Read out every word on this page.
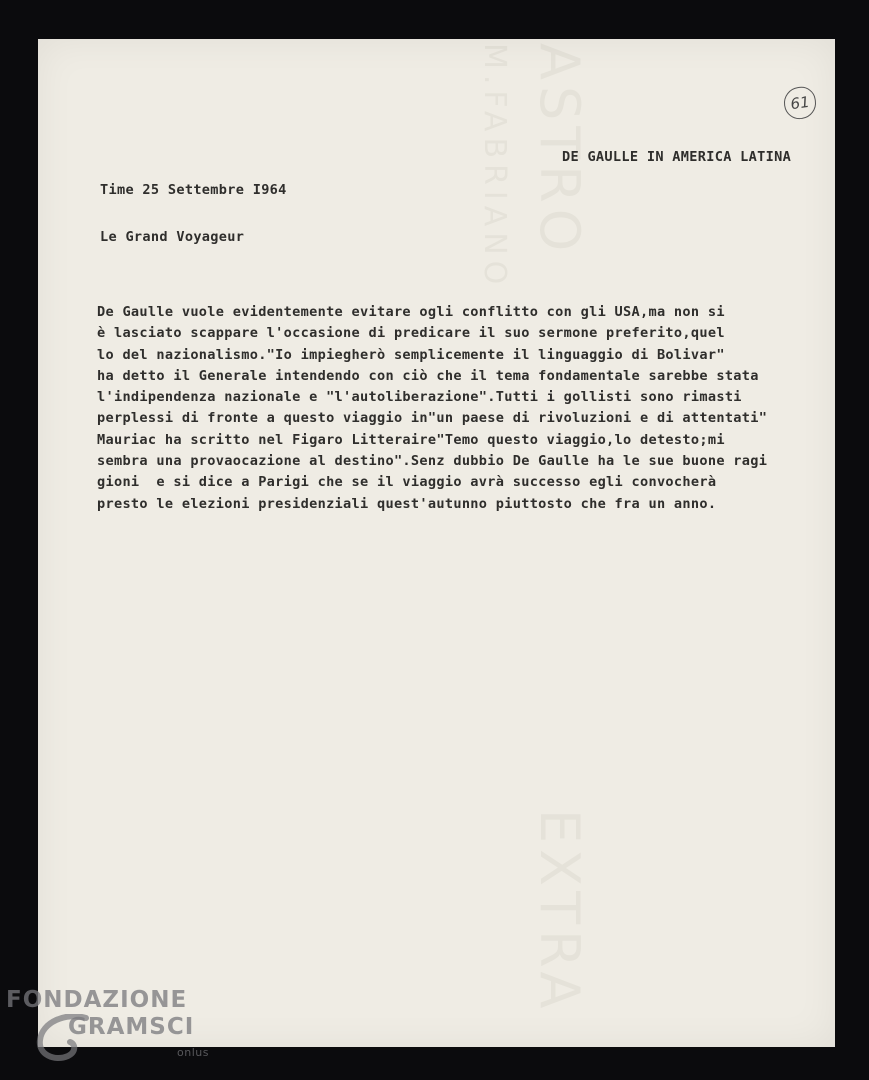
ASTRO
M.FABRIANO
EXTRA
61
DE GAULLE IN AMERICA LATINA
Time 25 Settembre I964
Le Grand Voyageur
De Gaulle vuole evidentemente evitare ogli conflitto con gli USA,ma non si
è lasciato scappare l'occasione di predicare il suo sermone preferito,quel
lo del nazionalismo."Io impiegherò semplicemente il linguaggio di Bolivar"
ha detto il Generale intendendo con ciò che il tema fondamentale sarebbe stata
l'indipendenza nazionale e "l'autoliberazione".Tutti i gollisti sono rimasti
perplessi di fronte a questo viaggio in"un paese di rivoluzioni e di attentati"
Mauriac ha scritto nel Figaro Litteraire"Temo questo viaggio,lo detesto;mi
sembra una provaocazione al destino".Senz dubbio De Gaulle ha le sue buone ragi
gioni  e si dice a Parigi che se il viaggio avrà successo egli convocherà
presto le elezioni presidenziali quest'autunno piuttosto che fra un anno.
FONDAZIONE
GRAMSCI
onlus
